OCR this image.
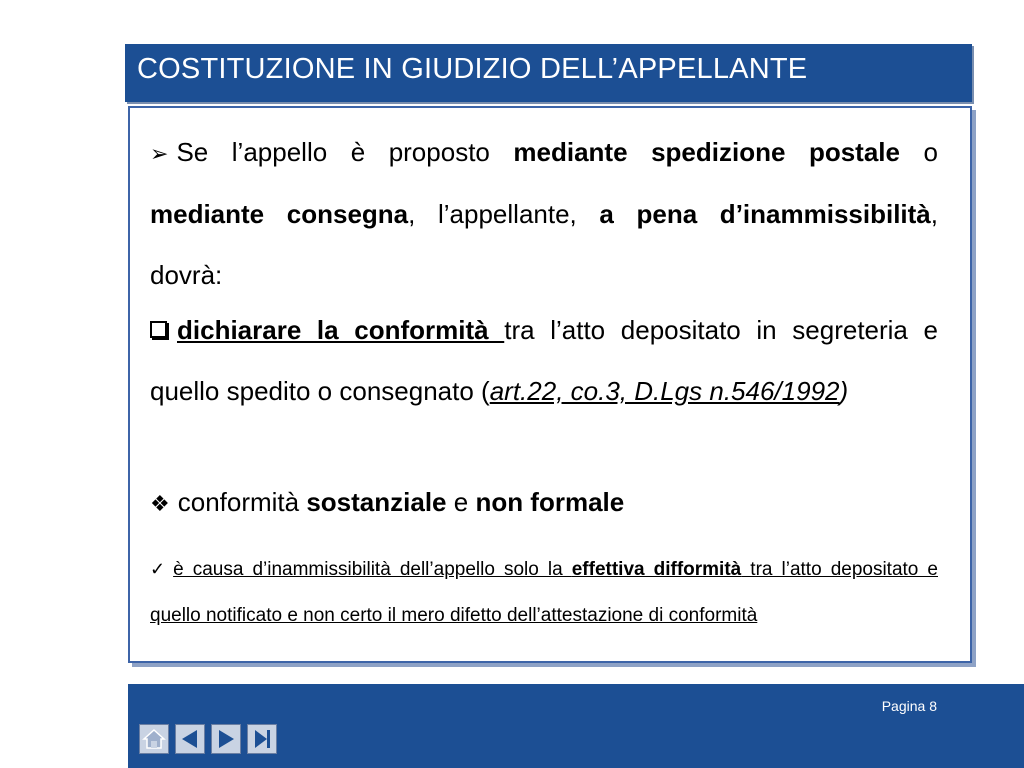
COSTITUZIONE IN GIUDIZIO DELL’APPELLANTE
➢ Se l’appello è proposto mediante spedizione postale o mediante consegna, l’appellante, a pena d’inammissibilità, dovrà:
dichiarare la conformità tra l’atto depositato in segreteria e quello spedito o consegnato (art.22, co.3, D.Lgs n.546/1992)
❖ conformità sostanziale e non formale
✓ è causa d’inammissibilità dell’appello solo la effettiva difformità tra l’atto depositato e quello notificato e non certo il mero difetto dell’attestazione di conformità
Pagina 8
